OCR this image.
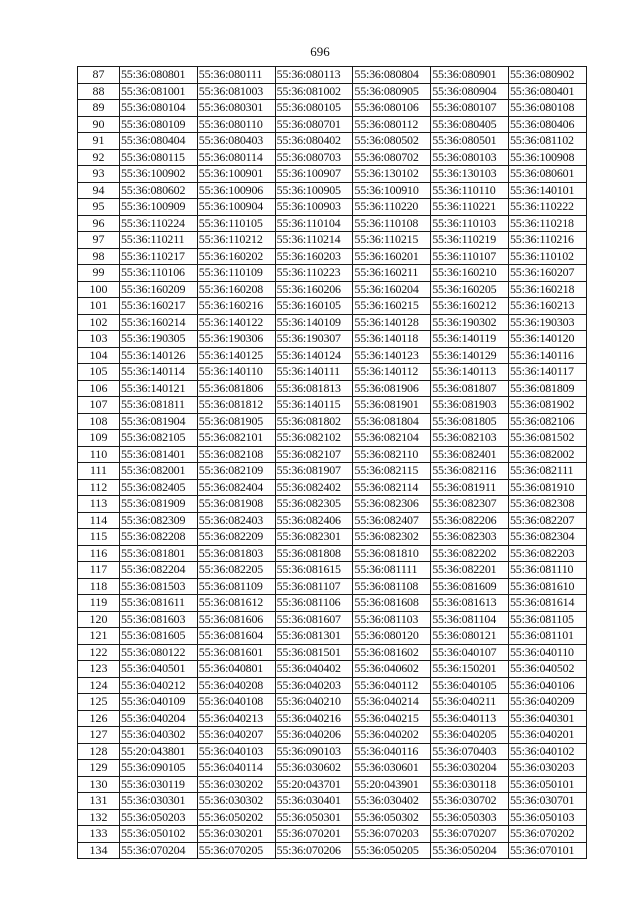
696
87	55:36:080801	55:36:080111	55:36:080113	55:36:080804	55:36:080901	55:36:080902
88	55:36:081001	55:36:081003	55:36:081002	55:36:080905	55:36:080904	55:36:080401
89	55:36:080104	55:36:080301	55:36:080105	55:36:080106	55:36:080107	55:36:080108
90	55:36:080109	55:36:080110	55:36:080701	55:36:080112	55:36:080405	55:36:080406
91	55:36:080404	55:36:080403	55:36:080402	55:36:080502	55:36:080501	55:36:081102
92	55:36:080115	55:36:080114	55:36:080703	55:36:080702	55:36:080103	55:36:100908
93	55:36:100902	55:36:100901	55:36:100907	55:36:130102	55:36:130103	55:36:080601
94	55:36:080602	55:36:100906	55:36:100905	55:36:100910	55:36:110110	55:36:140101
95	55:36:100909	55:36:100904	55:36:100903	55:36:110220	55:36:110221	55:36:110222
96	55:36:110224	55:36:110105	55:36:110104	55:36:110108	55:36:110103	55:36:110218
97	55:36:110211	55:36:110212	55:36:110214	55:36:110215	55:36:110219	55:36:110216
98	55:36:110217	55:36:160202	55:36:160203	55:36:160201	55:36:110107	55:36:110102
99	55:36:110106	55:36:110109	55:36:110223	55:36:160211	55:36:160210	55:36:160207
100	55:36:160209	55:36:160208	55:36:160206	55:36:160204	55:36:160205	55:36:160218
101	55:36:160217	55:36:160216	55:36:160105	55:36:160215	55:36:160212	55:36:160213
102	55:36:160214	55:36:140122	55:36:140109	55:36:140128	55:36:190302	55:36:190303
103	55:36:190305	55:36:190306	55:36:190307	55:36:140118	55:36:140119	55:36:140120
104	55:36:140126	55:36:140125	55:36:140124	55:36:140123	55:36:140129	55:36:140116
105	55:36:140114	55:36:140110	55:36:140111	55:36:140112	55:36:140113	55:36:140117
106	55:36:140121	55:36:081806	55:36:081813	55:36:081906	55:36:081807	55:36:081809
107	55:36:081811	55:36:081812	55:36:140115	55:36:081901	55:36:081903	55:36:081902
108	55:36:081904	55:36:081905	55:36:081802	55:36:081804	55:36:081805	55:36:082106
109	55:36:082105	55:36:082101	55:36:082102	55:36:082104	55:36:082103	55:36:081502
110	55:36:081401	55:36:082108	55:36:082107	55:36:082110	55:36:082401	55:36:082002
111	55:36:082001	55:36:082109	55:36:081907	55:36:082115	55:36:082116	55:36:082111
112	55:36:082405	55:36:082404	55:36:082402	55:36:082114	55:36:081911	55:36:081910
113	55:36:081909	55:36:081908	55:36:082305	55:36:082306	55:36:082307	55:36:082308
114	55:36:082309	55:36:082403	55:36:082406	55:36:082407	55:36:082206	55:36:082207
115	55:36:082208	55:36:082209	55:36:082301	55:36:082302	55:36:082303	55:36:082304
116	55:36:081801	55:36:081803	55:36:081808	55:36:081810	55:36:082202	55:36:082203
117	55:36:082204	55:36:082205	55:36:081615	55:36:081111	55:36:082201	55:36:081110
118	55:36:081503	55:36:081109	55:36:081107	55:36:081108	55:36:081609	55:36:081610
119	55:36:081611	55:36:081612	55:36:081106	55:36:081608	55:36:081613	55:36:081614
120	55:36:081603	55:36:081606	55:36:081607	55:36:081103	55:36:081104	55:36:081105
121	55:36:081605	55:36:081604	55:36:081301	55:36:080120	55:36:080121	55:36:081101
122	55:36:080122	55:36:081601	55:36:081501	55:36:081602	55:36:040107	55:36:040110
123	55:36:040501	55:36:040801	55:36:040402	55:36:040602	55:36:150201	55:36:040502
124	55:36:040212	55:36:040208	55:36:040203	55:36:040112	55:36:040105	55:36:040106
125	55:36:040109	55:36:040108	55:36:040210	55:36:040214	55:36:040211	55:36:040209
126	55:36:040204	55:36:040213	55:36:040216	55:36:040215	55:36:040113	55:36:040301
127	55:36:040302	55:36:040207	55:36:040206	55:36:040202	55:36:040205	55:36:040201
128	55:20:043801	55:36:040103	55:36:090103	55:36:040116	55:36:070403	55:36:040102
129	55:36:090105	55:36:040114	55:36:030602	55:36:030601	55:36:030204	55:36:030203
130	55:36:030119	55:36:030202	55:20:043701	55:20:043901	55:36:030118	55:36:050101
131	55:36:030301	55:36:030302	55:36:030401	55:36:030402	55:36:030702	55:36:030701
132	55:36:050203	55:36:050202	55:36:050301	55:36:050302	55:36:050303	55:36:050103
133	55:36:050102	55:36:030201	55:36:070201	55:36:070203	55:36:070207	55:36:070202
134	55:36:070204	55:36:070205	55:36:070206	55:36:050205	55:36:050204	55:36:070101
